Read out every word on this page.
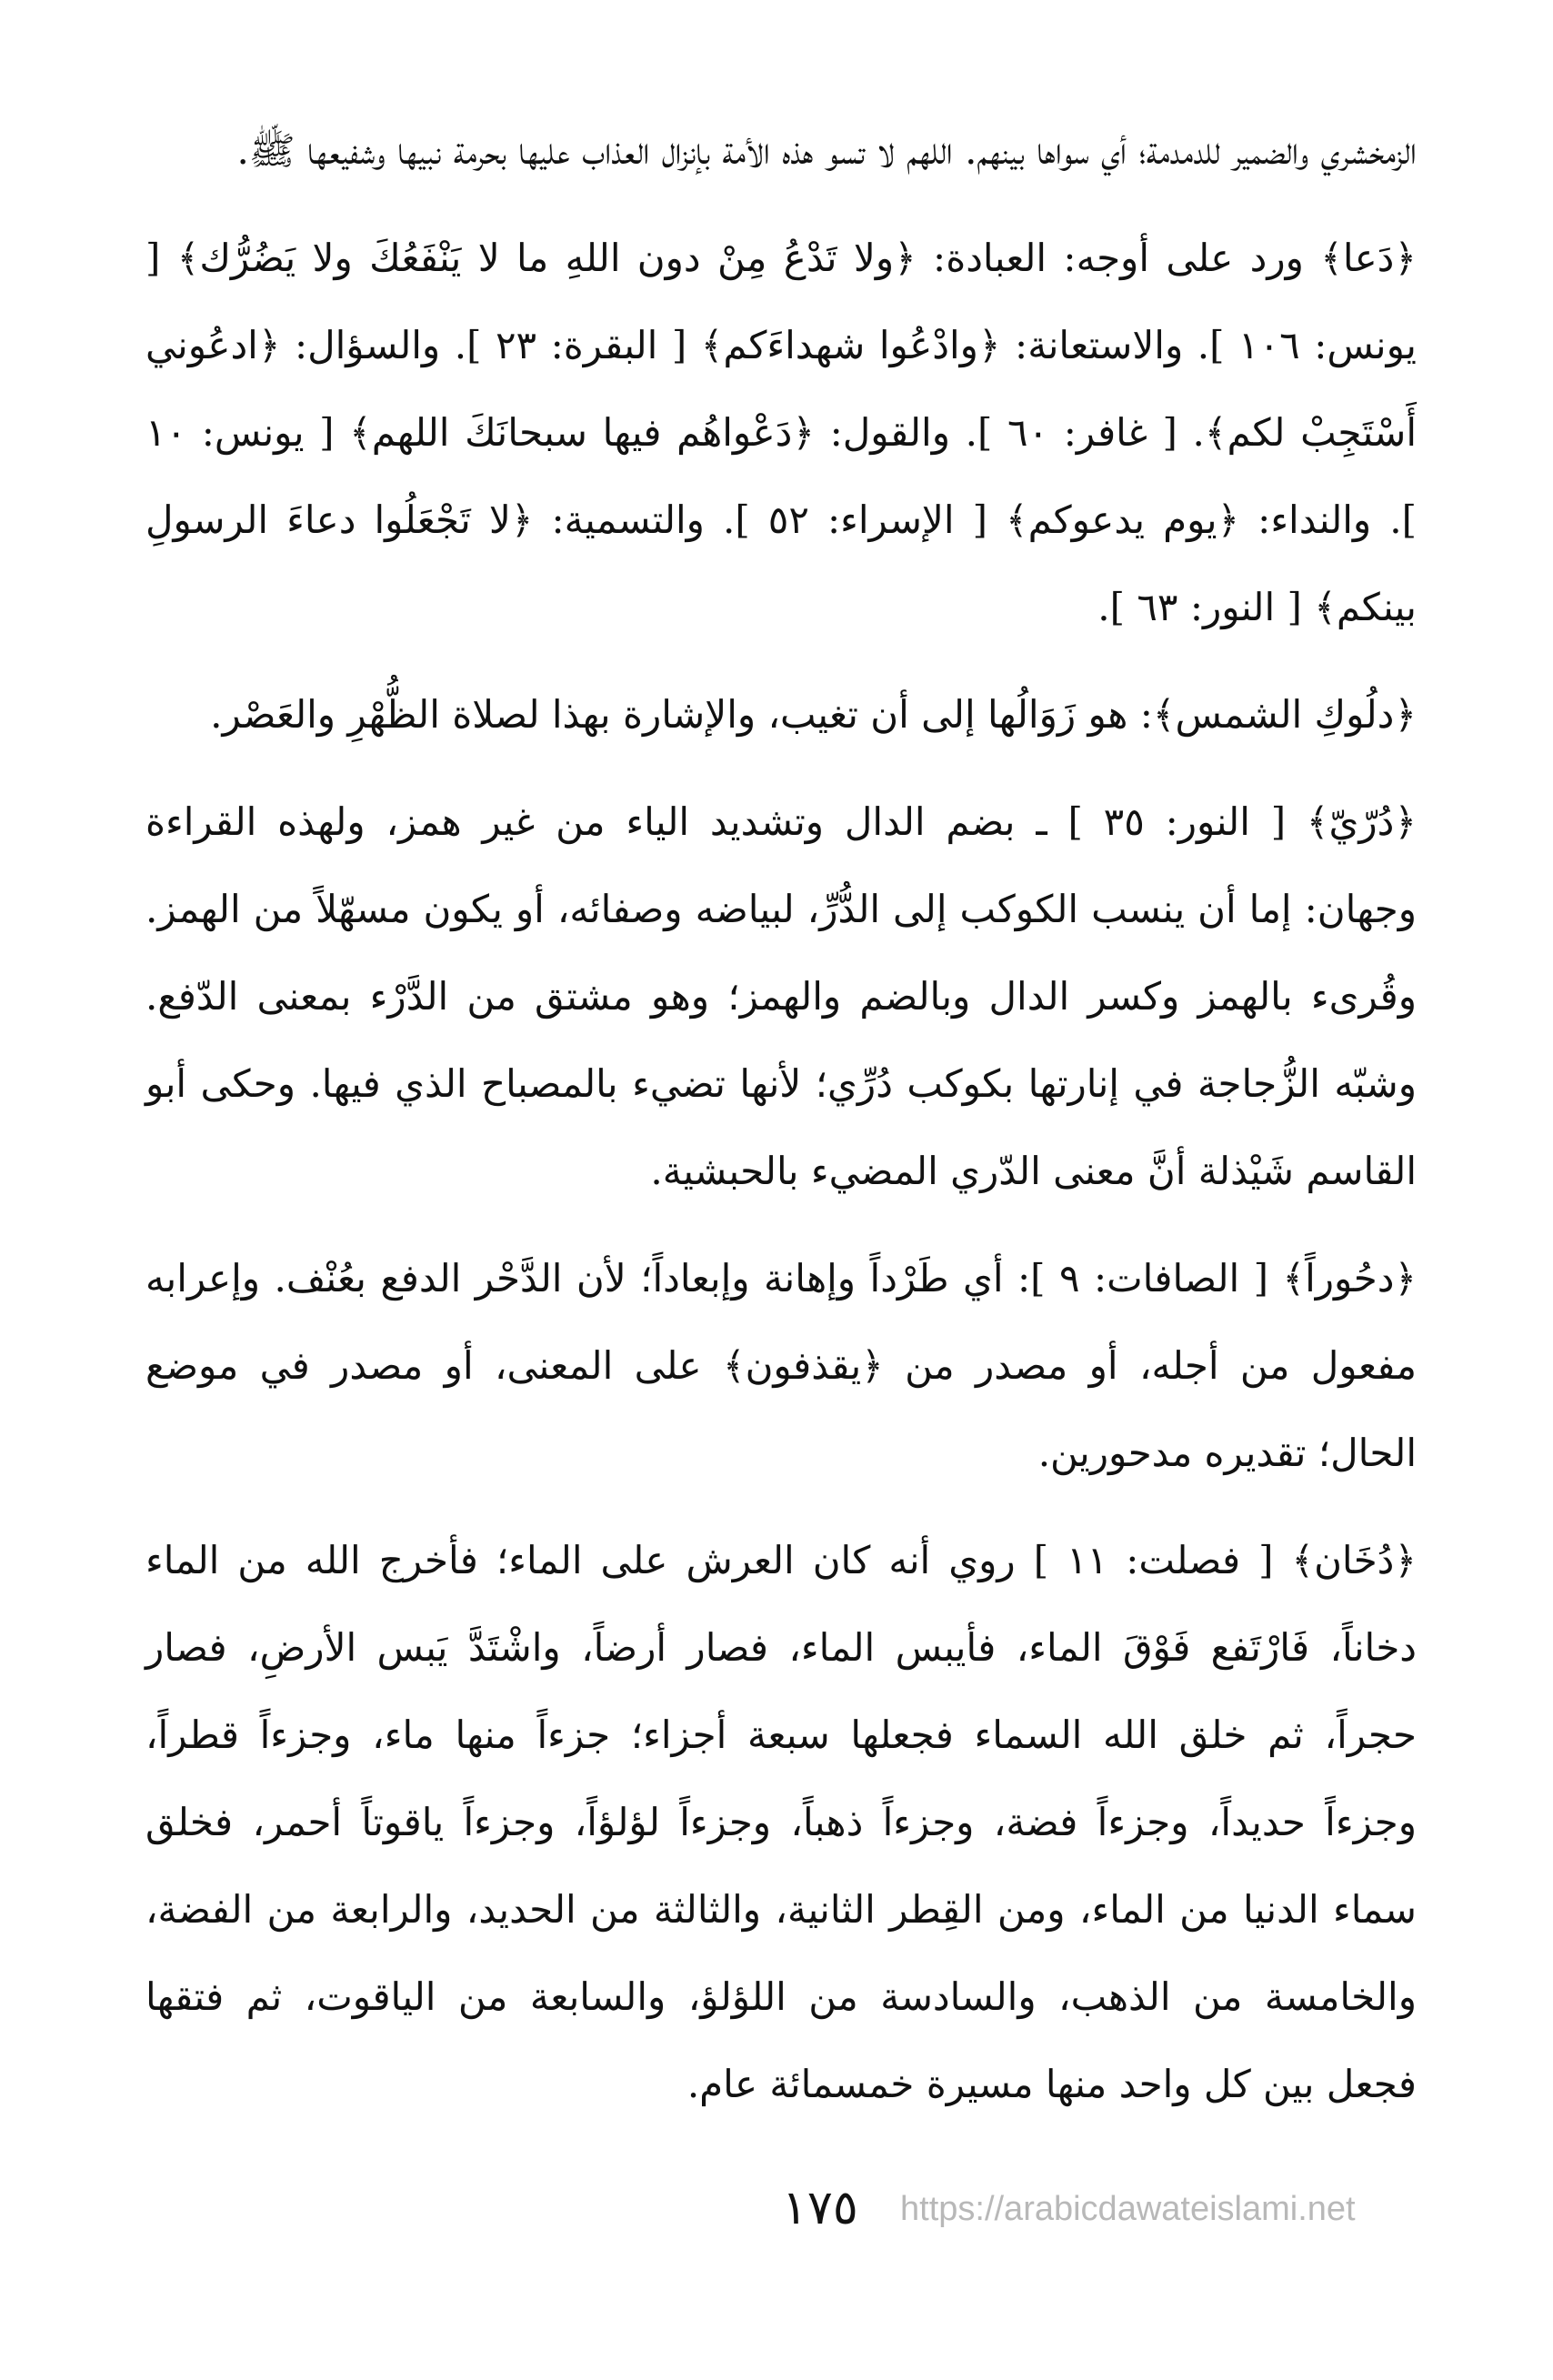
الزمخشري والضمير للدمدمة؛ أي سواها بينهم. اللهم لا تسو هذه الأمة بإنزال العذاب عليها بحرمة نبيها وشفيعها ﷺ.

﴿دَعا﴾ ورد على أوجه: العبادة: ﴿ولا تَدْعُ مِنْ دون اللهِ ما لا يَنْفَعُكَ ولا يَضُرُّك﴾ [ يونس: ١٠٦ ]. والاستعانة: ﴿وادْعُوا شهداءَكم﴾ [ البقرة: ٢٣ ]. والسؤال: ﴿ادعُوني أَسْتَجِبْ لكم﴾. [ غافر: ٦٠ ]. والقول: ﴿دَعْواهُم فيها سبحانَكَ اللهم﴾ [ يونس: ١٠ ]. والنداء: ﴿يوم يدعوكم﴾ [ الإسراء: ٥٢ ]. والتسمية: ﴿لا تَجْعَلُوا دعاءَ الرسولِ بينكم﴾ [ النور: ٦٣ ].

﴿دلُوكِ الشمس﴾: هو زَوَالُها إلى أن تغيب، والإشارة بهذا لصلاة الظُّهْرِ والعَصْر.

﴿دُرّيّ﴾ [ النور: ٣٥ ] ـ بضم الدال وتشديد الياء من غير همز، ولهذه القراءة وجهان: إما أن ينسب الكوكب إلى الدُّرِّ، لبياضه وصفائه، أو يكون مسهّلاً من الهمز. وقُرىء بالهمز وكسر الدال وبالضم والهمز؛ وهو مشتق من الدَّرْء بمعنى الدّفع. وشبّه الزُّجاجة في إنارتها بكوكب دُرِّي؛ لأنها تضيء بالمصباح الذي فيها. وحكى أبو القاسم شَيْذلة أنَّ معنى الدّري المضيء بالحبشية.

﴿دحُوراً﴾ [ الصافات: ٩ ]: أي طَرْداً وإهانة وإبعاداً؛ لأن الدَّحْر الدفع بعُنْف. وإعرابه مفعول من أجله، أو مصدر من ﴿يقذفون﴾ على المعنى، أو مصدر في موضع الحال؛ تقديره مدحورين.

﴿دُخَان﴾ [ فصلت: ١١ ] روي أنه كان العرش على الماء؛ فأخرج الله من الماء دخاناً، فَارْتَفع فَوْقَ الماء، فأيبس الماء، فصار أرضاً، واشْتَدَّ يَبس الأرضِ، فصار حجراً، ثم خلق الله السماء فجعلها سبعة أجزاء؛ جزءاً منها ماء، وجزءاً قطراً، وجزءاً حديداً، وجزءاً فضة، وجزءاً ذهباً، وجزءاً لؤلؤاً، وجزءاً ياقوتاً أحمر، فخلق سماء الدنيا من الماء، ومن القِطر الثانية، والثالثة من الحديد، والرابعة من الفضة، والخامسة من الذهب، والسادسة من اللؤلؤ، والسابعة من الياقوت، ثم فتقها فجعل بين كل واحد منها مسيرة خمسمائة عام.

١٧٥ https://arabicdawateislami.net
